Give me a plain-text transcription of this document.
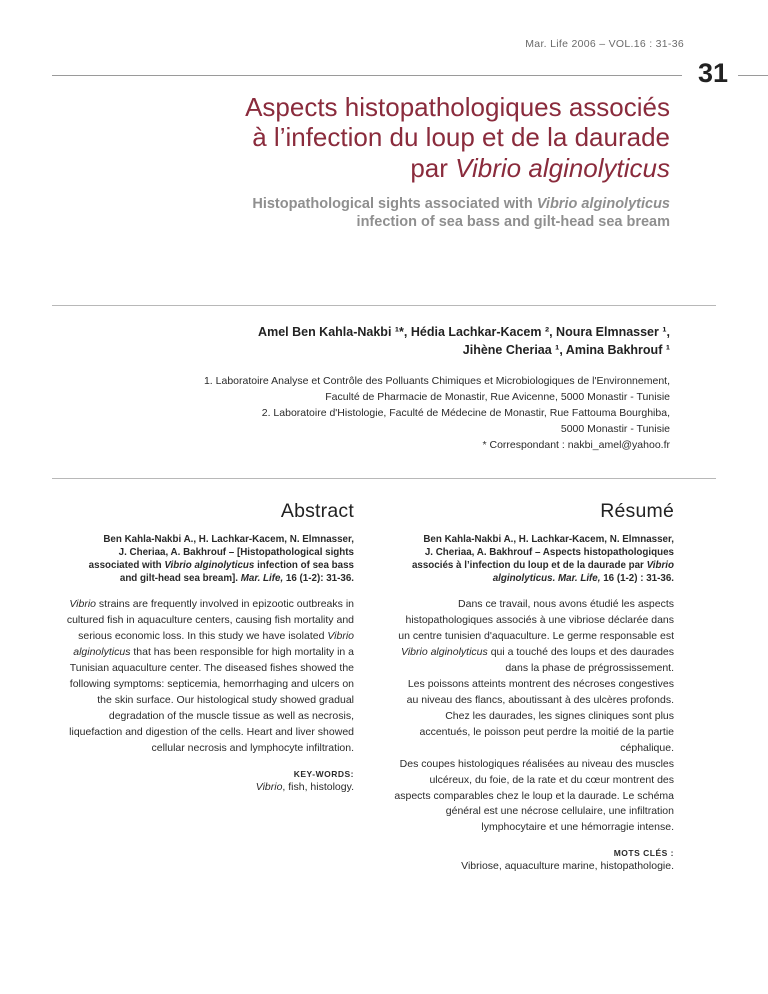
Mar. Life 2006 – VOL.16 : 31-36
31
Aspects histopathologiques associés
à l’infection du loup et de la daurade
par Vibrio alginolyticus
Histopathological sights associated with Vibrio alginolyticus
infection of sea bass and gilt-head sea bream
Amel Ben Kahla-Nakbi ¹*, Hédia Lachkar-Kacem ², Noura Elmnasser ¹,
Jihène Cheriaa ¹, Amina Bakhrouf ¹
1. Laboratoire Analyse et Contrôle des Polluants Chimiques et Microbiologiques de l'Environnement,
Faculté de Pharmacie de Monastir, Rue Avicenne, 5000 Monastir - Tunisie
2. Laboratoire d'Histologie, Faculté de Médecine de Monastir, Rue Fattouma Bourghiba,
5000 Monastir - Tunisie
* Correspondant : nakbi_amel@yahoo.fr
Abstract
Ben Kahla-Nakbi A., H. Lachkar-Kacem, N. Elmnasser,
J. Cheriaa, A. Bakhrouf – [Histopathological sights
associated with Vibrio alginolyticus infection of sea bass
and gilt-head sea bream]. Mar. Life, 16 (1-2): 31-36.
Vibrio strains are frequently involved in epizootic outbreaks in cultured fish in aquaculture centers, causing fish mortality and serious economic loss. In this study we have isolated Vibrio alginolyticus that has been responsible for high mortality in a Tunisian aquaculture center. The diseased fishes showed the following symptoms: septicemia, hemorrhaging and ulcers on the skin surface. Our histological study showed gradual degradation of the muscle tissue as well as necrosis, liquefaction and digestion of the cells. Heart and liver showed cellular necrosis and lymphocyte infiltration.
KEY-WORDS:
Vibrio, fish, histology.
Résumé
Ben Kahla-Nakbi A., H. Lachkar-Kacem, N. Elmnasser,
J. Cheriaa, A. Bakhrouf – Aspects histopathologiques
associés à l’infection du loup et de la daurade par Vibrio
alginolyticus. Mar. Life, 16 (1-2) : 31-36.
Dans ce travail, nous avons étudié les aspects histopathologiques associés à une vibriose déclarée dans un centre tunisien d'aquaculture. Le germe responsable est Vibrio alginolyticus qui a touché des loups et des daurades dans la phase de prégrossissement.
Les poissons atteints montrent des nécroses congestives au niveau des flancs, aboutissant à des ulcères profonds. Chez les daurades, les signes cliniques sont plus accentués, le poisson peut perdre la moitié de la partie céphalique.
Des coupes histologiques réalisées au niveau des muscles ulcéreux, du foie, de la rate et du cœur montrent des aspects comparables chez le loup et la daurade. Le schéma général est une nécrose cellulaire, une infiltration lymphocytaire et une hémorragie intense.
MOTS CLÉS :
Vibriose, aquaculture marine, histopathologie.
